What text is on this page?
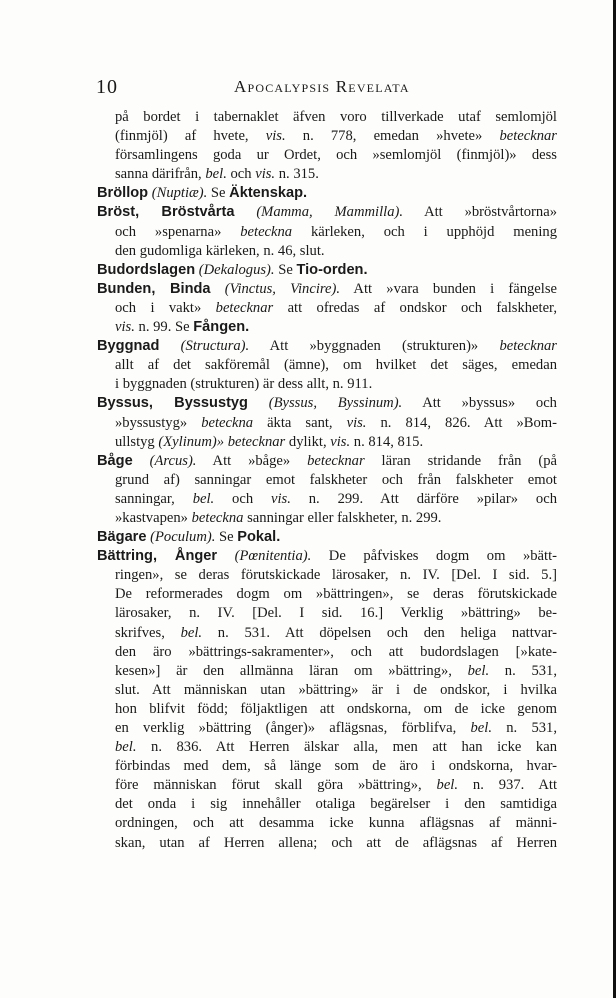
10	Apocalypsis Revelata
på bordet i tabernaklet äfven voro tillverkade utaf semlomjöl
(finmjöl) af hvete, vis. n. 778, emedan »hvete» betecknar
församlingens goda ur Ordet, och »semlomjöl (finmjöl)» dess
sanna därifrån, bel. och vis. n. 315.
Bröllop (Nuptiæ). Se Äktenskap.
Bröst, Bröstvårta (Mamma, Mammilla). Att »bröstvårtorna»
och »spenarna» beteckna kärleken, och i upphöjd mening
den gudomliga kärleken, n. 46, slut.
Budordslagen (Dekalogus). Se Tio-orden.
Bunden, Binda (Vinctus, Vincire). Att »vara bunden i fängelse
och i vakt» betecknar att ofredas af ondskor och falskheter,
vis. n. 99. Se Fången.
Byggnad (Structura). Att »byggnaden (strukturen)» betecknar
allt af det sakföremål (ämne), om hvilket det säges, emedan
i byggnaden (strukturen) är dess allt, n. 911.
Byssus, Byssustyg (Byssus, Byssinum). Att »byssus» och
»byssustyg» beteckna äkta sant, vis. n. 814, 826. Att »Bom-
ullstyg (Xylinum)» betecknar dylikt, vis. n. 814, 815.
Båge (Arcus). Att »båge» betecknar läran stridande från (på
grund af) sanningar emot falskheter och från falskheter emot
sanningar, bel. och vis. n. 299. Att därföre »pilar» och
»kastvapen» beteckna sanningar eller falskheter, n. 299.
Bägare (Poculum). Se Pokal.
Bättring, Ånger (Pœnitentia). De påfviskes dogm om »bätt-
ringen», se deras förutskickade lärosaker, n. IV. [Del. I sid. 5.]
De reformerades dogm om »bättringen», se deras förutskickade
lärosaker, n. IV. [Del. I sid. 16.] Verklig »bättring» be-
skrifves, bel. n. 531. Att döpelsen och den heliga nattvar-
den äro »bättrings-sakramenter», och att budordslagen [»kate-
kesen»] är den allmänna läran om »bättring», bel. n. 531,
slut. Att människan utan »bättring» är i de ondskor, i hvilka
hon blifvit född; följaktligen att ondskorna, om de icke genom
en verklig »bättring (ånger)» aflägsnas, förblifva, bel. n. 531,
bel. n. 836. Att Herren älskar alla, men att han icke kan
förbindas med dem, så länge som de äro i ondskorna, hvar-
före människan förut skall göra »bättring», bel. n. 937. Att
det onda i sig innehåller otaliga begärelser i den samtidiga
ordningen, och att desamma icke kunna aflägsnas af männi-
skan, utan af Herren allena; och att de aflägsnas af Herren
